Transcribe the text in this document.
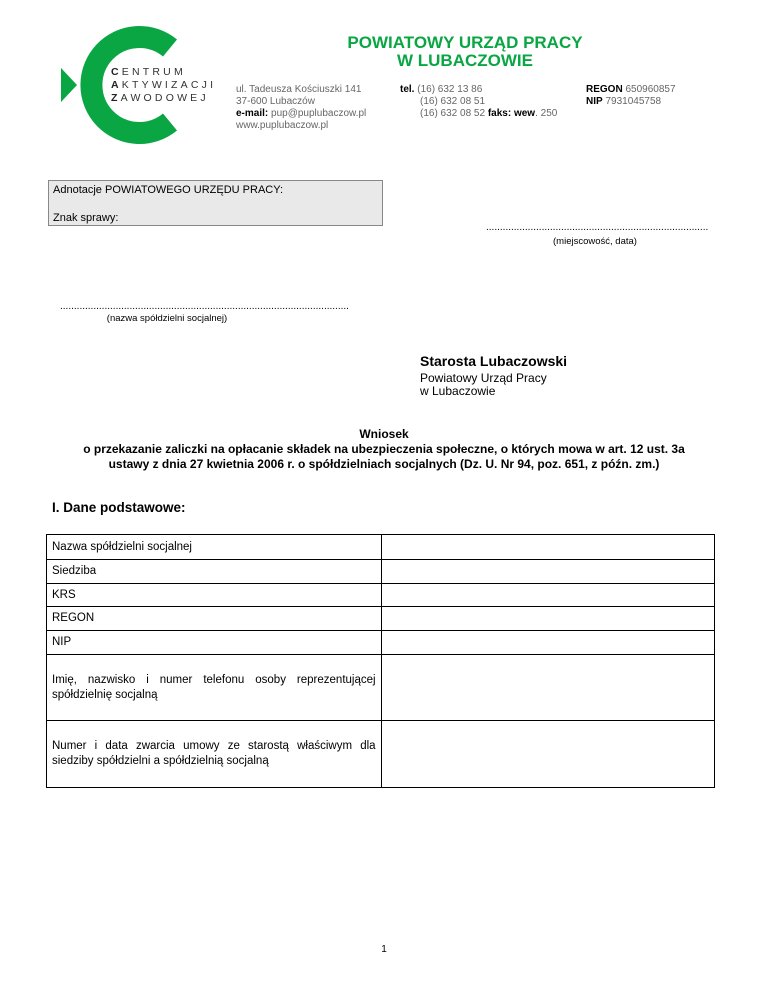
CENTRUM
AKTYWIZACJI
ZAWODOWEJ
POWIATOWY URZĄD PRACY
W LUBACZOWIE
ul. Tadeusza Kościuszki 141
37-600 Lubaczów
e-mail: pup@puplubaczow.pl
www.puplubaczow.pl
tel. (16) 632 13 86
(16) 632 08 51
(16) 632 08 52 faks: wew. 250
REGON 650960857
NIP 7931045758
Adnotacje POWIATOWEGO URZĘDU PRACY:
Znak sprawy:
................................................................................
(miejscowość, data)
........................................................................................................
(nazwa spółdzielni socjalnej)
Starosta Lubaczowski
Powiatowy Urząd Pracy
w Lubaczowie
Wniosek
o przekazanie zaliczki na opłacanie składek na ubezpieczenia społeczne, o których mowa w art. 12 ust. 3a
ustawy z dnia 27 kwietnia 2006 r. o spółdzielniach socjalnych (Dz. U. Nr 94, poz. 651, z późn. zm.)
I. Dane podstawowe:
Nazwa spółdzielni socjalnej	
Siedziba	
KRS	
REGON	
NIP	
Imię, nazwisko i numer telefonu osoby reprezentującej spółdzielnię socjalną	
Numer i data zwarcia umowy ze starostą właściwym dla siedziby spółdzielni a spółdzielnią socjalną	
1
